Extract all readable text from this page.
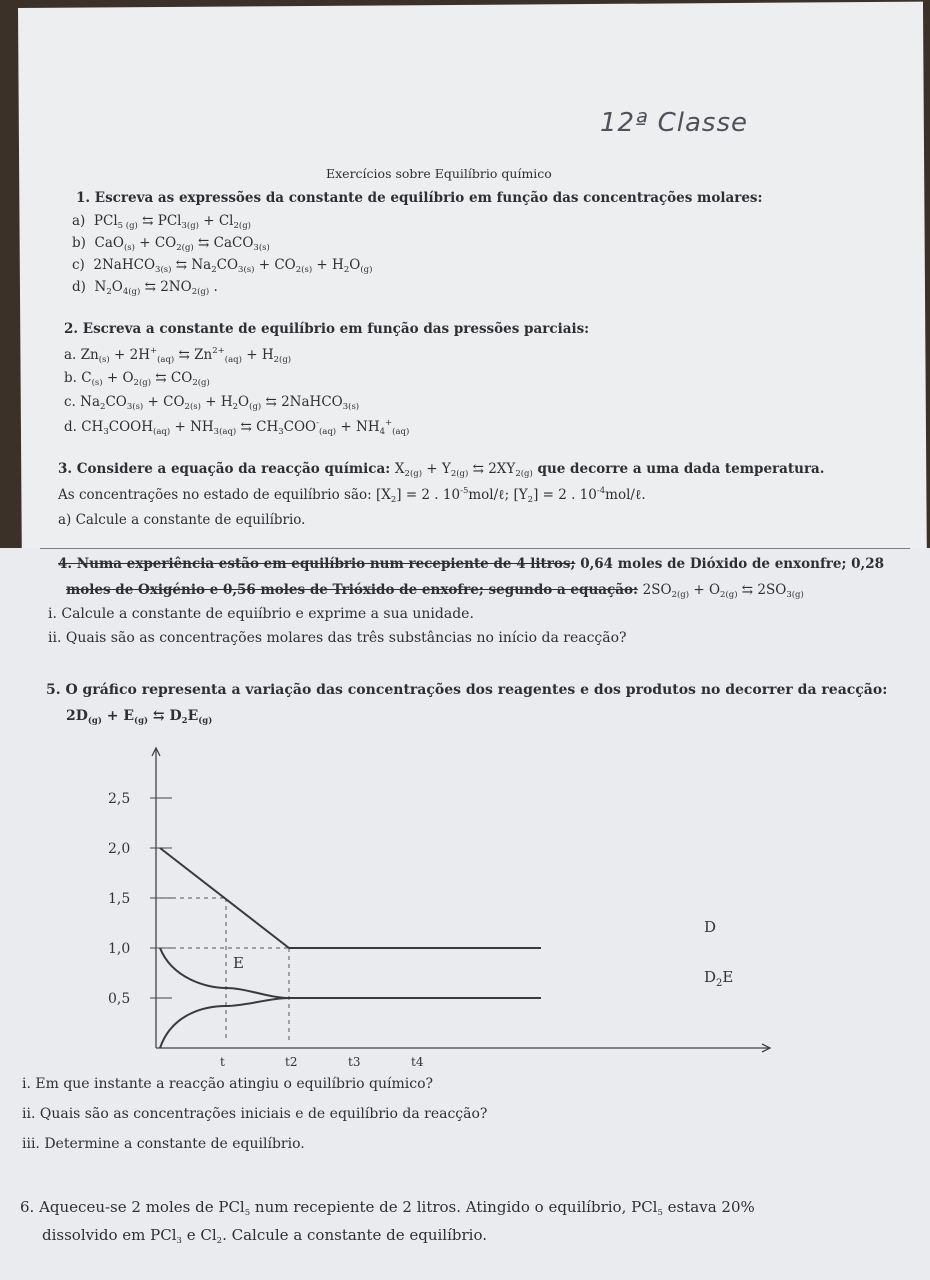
12ª Classe
Exercícios sobre Equilíbrio químico
1. Escreva as expressões da constante de equilíbrio em função das concentrações molares:
a)  PCl$_{5 (g)}$ ⇆ $PCl_{3(g)} + Cl_{2(g)}$
b)  $CaO_{(s)} + CO_{2(g)}$ ⇆ CaCO$_{3(s)}$
c)  2NaHCO$_{3(s)}$ ⇆ $Na_2CO_{3(s)} + CO_{2(s)} + H_2O_{(g)}$
d)  $N_2O_{4(g)}$ ⇆ $2NO_{2(g)}$ .
2. Escreva a constante de equilíbrio em função das pressões parciais:
a. $Zn_{(s)} + 2H^+_{(aq)}$ ⇆ $Zn^{2+}_{(aq)} + H_{2(g)}$
b. $C_{(s)} + O_{2(g)}$ ⇆ $CO_{2(g)}$
c. $Na_2CO_{3(s)} + CO_{2(s)} + H_2O_{(g)}$ ⇆ 2NaHCO$_{3(s)}$
d. $CH_3COOH_{(aq)} + NH_{3(aq)}$ ⇆ $CH_3COO^-_{(aq)} + NH_4^+_{(aq)}$
3. Considere a equação da reacção química: $X_{2(g)} + Y_{2(g)}$ ⇆ $2XY_{2(g)}$ que decorre a uma dada temperatura.
As concentrações no estado de equilíbrio são: $[X_2] = 2$ . $10^{-5}mol/\ell$; $[Y_2] = 2$ . $10^{-4}mol/\ell$.
a) Calcule a constante de equilíbrio.
4. Numa experiência estão em equilíbrio num recepiente de 4 litros; 0,64 moles de Dióxido de enxonfre; 0,28
moles de Oxigénio e 0,56 moles de Trióxido de enxofre; segundo a equação: $2SO_{2(g)} + O_{2(g)}$ ⇆ $2SO_{3(g)}$
i. Calcule a constante de equiíbrio e exprime a sua unidade.
ii. Quais são as concentrações molares das três substâncias no início da reacção?
5. O gráfico representa a variação das concentrações dos reagentes e dos produtos no decorrer da reacção:
$2D_{(g)} + E_{(g)}$ ⇆ $D_2E_{(g)}$
2,5
2,0
1,5
1,0
0,5
t	t2	t3	t4
D
E
$D_2E$
i. Em que instante a reacção atingiu o equilíbrio químico?
ii. Quais são as concentrações iniciais e de equilíbrio da reacção?
iii. Determine a constante de equilíbrio.
6. Aqueceu-se 2 moles de PCl$_5$ num recepiente de 2 litros. Atingido o equilíbrio, PCl$_5$ estava 20%
dissolvido em PCl$_3$ e $Cl_2$. Calcule a constante de equilíbrio.
